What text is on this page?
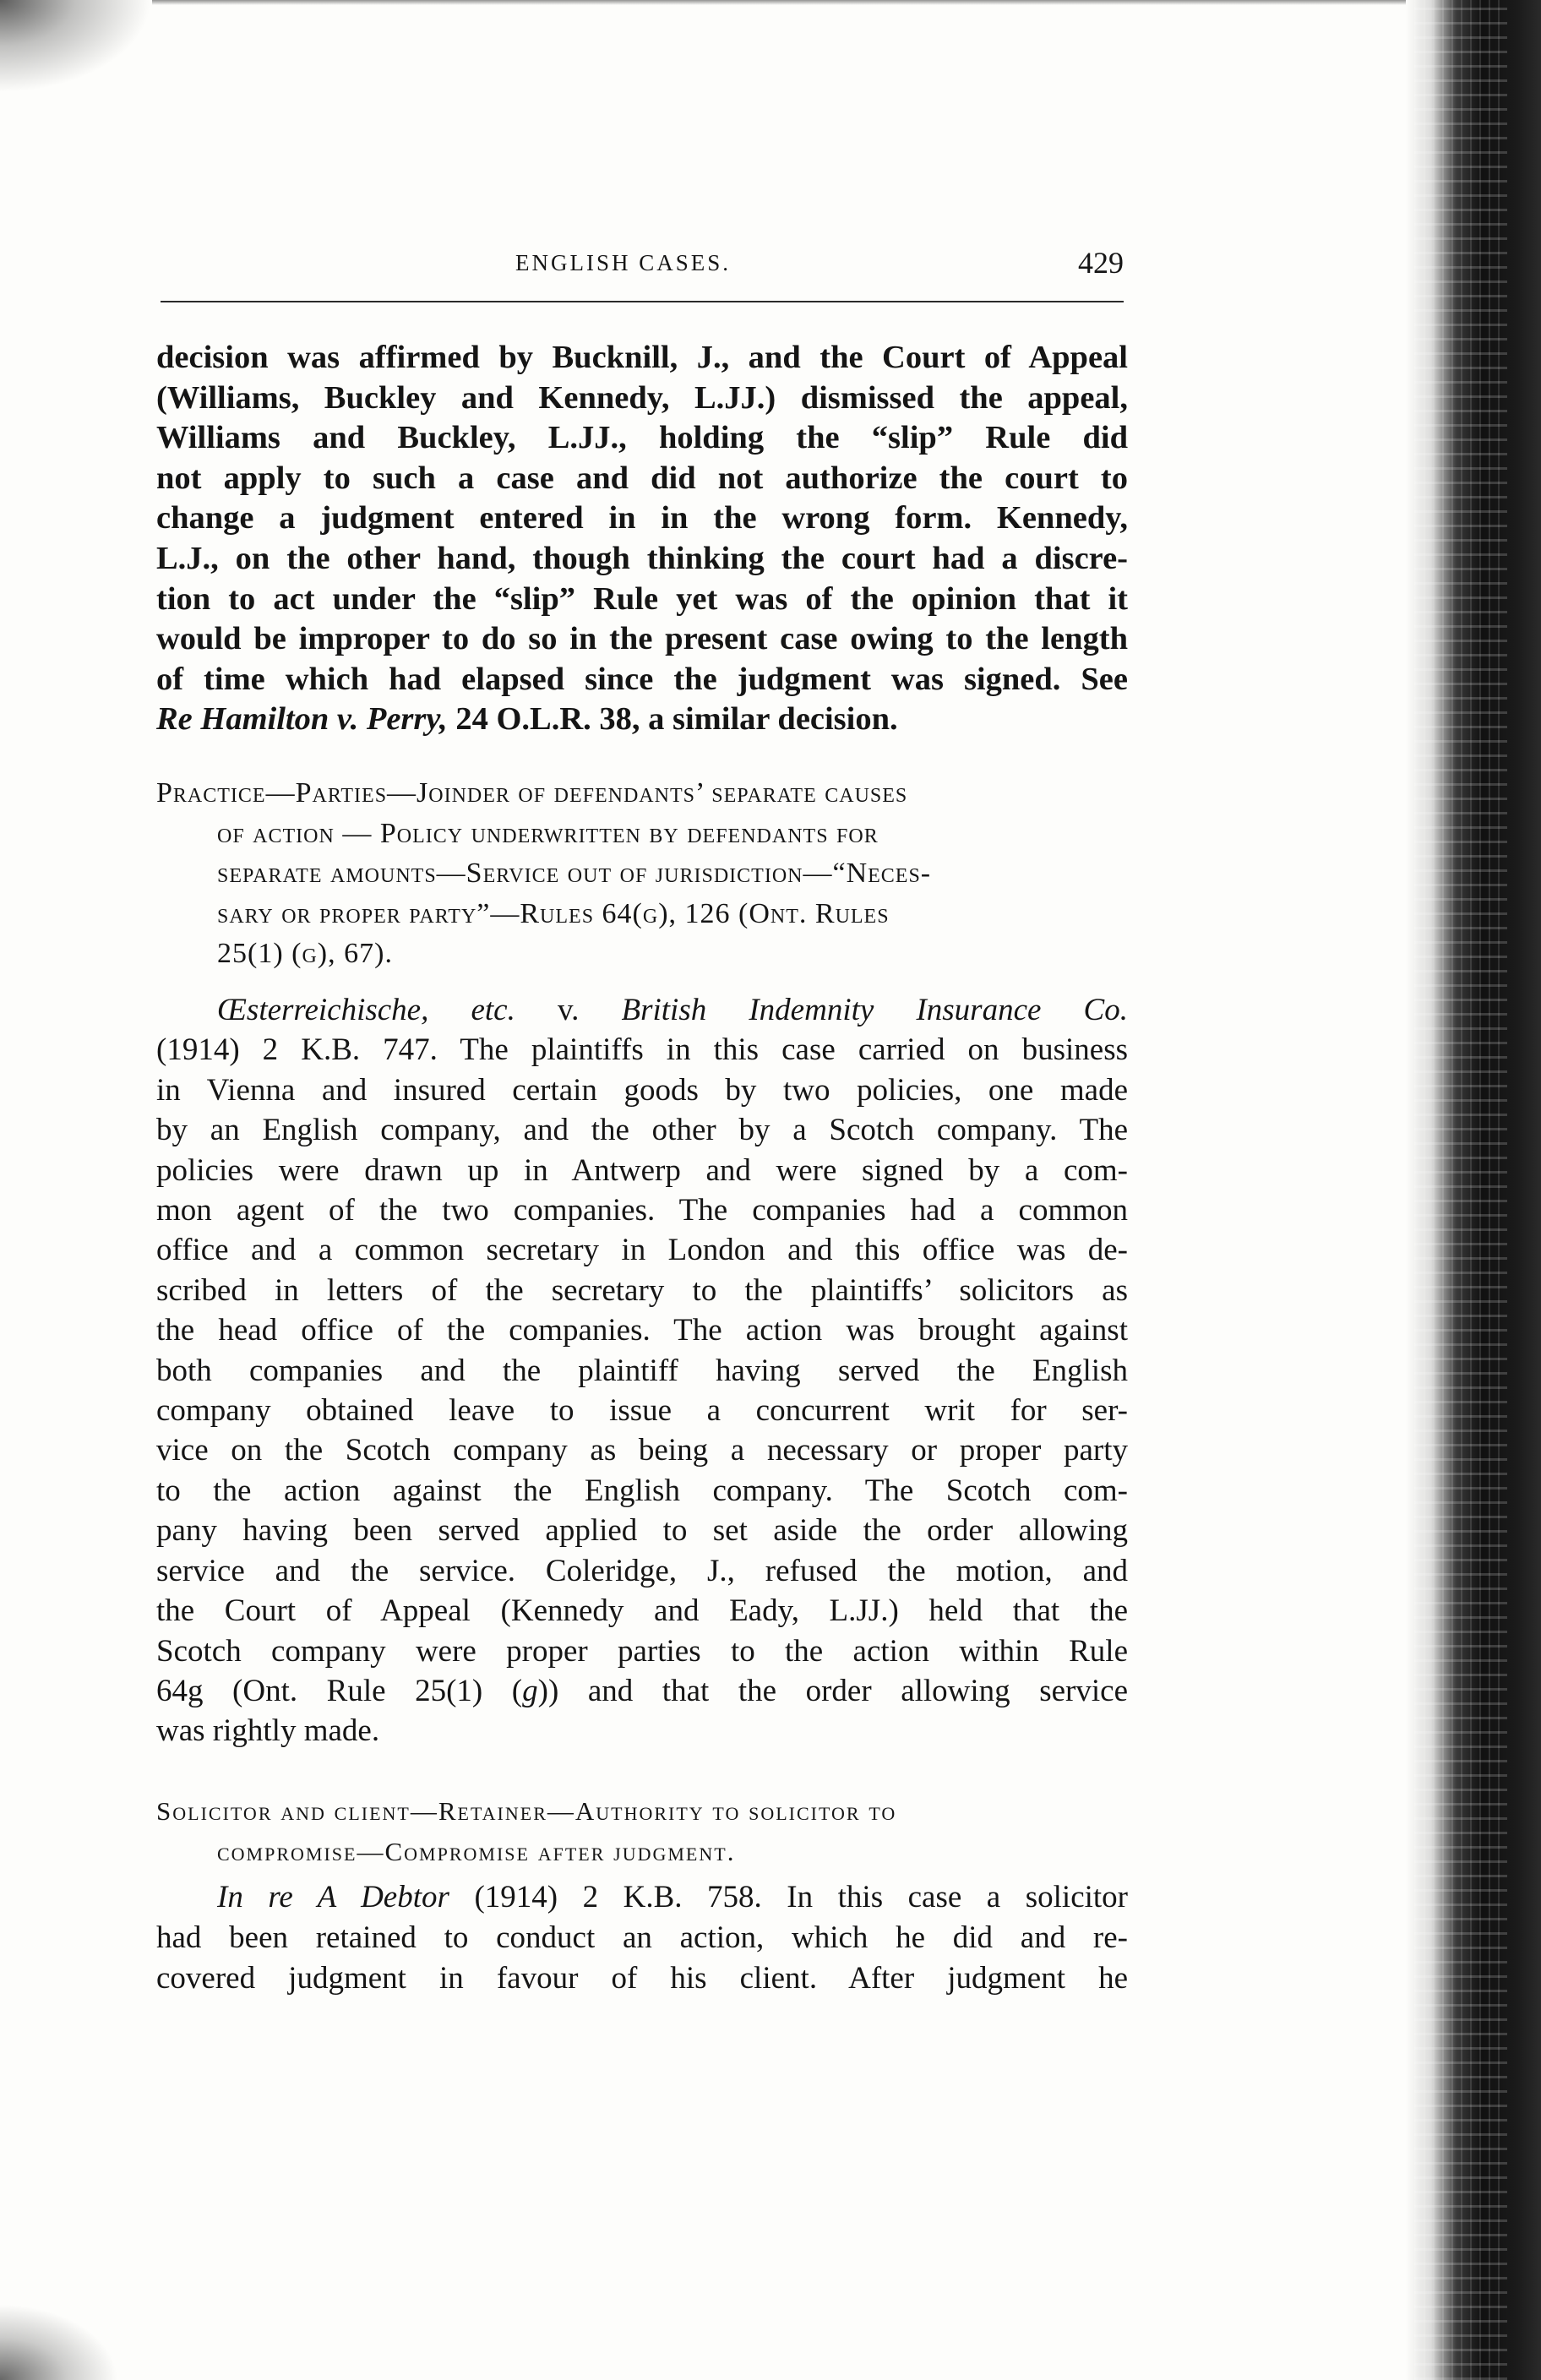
ENGLISH CASES.	429
decision was affirmed by Bucknill, J., and the Court of Appeal
(Williams, Buckley and Kennedy, L.JJ.) dismissed the appeal,
Williams and Buckley, L.JJ., holding the “slip” Rule did
not apply to such a case and did not authorize the court to
change a judgment entered in in the wrong form. Kennedy,
L.J., on the other hand, though thinking the court had a discre-
tion to act under the “slip” Rule yet was of the opinion that it
would be improper to do so in the present case owing to the length
of time which had elapsed since the judgment was signed. See
Re Hamilton v. Perry, 24 O.L.R. 38, a similar decision.
Practice—Parties—Joinder of defendants’ separate causes
of action — Policy underwritten by defendants for
separate amounts—Service out of jurisdiction—“Neces-
sary or proper party”—Rules 64(g), 126 (Ont. Rules
25(1) (g), 67).
Œsterreichische, etc. v. British Indemnity Insurance Co.
(1914) 2 K.B. 747. The plaintiffs in this case carried on business
in Vienna and insured certain goods by two policies, one made
by an English company, and the other by a Scotch company. The
policies were drawn up in Antwerp and were signed by a com-
mon agent of the two companies. The companies had a common
office and a common secretary in London and this office was de-
scribed in letters of the secretary to the plaintiffs’ solicitors as
the head office of the companies. The action was brought against
both companies and the plaintiff having served the English
company obtained leave to issue a concurrent writ for ser-
vice on the Scotch company as being a necessary or proper party
to the action against the English company. The Scotch com-
pany having been served applied to set aside the order allowing
service and the service. Coleridge, J., refused the motion, and
the Court of Appeal (Kennedy and Eady, L.JJ.) held that the
Scotch company were proper parties to the action within Rule
64g (Ont. Rule 25(1) (g)) and that the order allowing service
was rightly made.
Solicitor and client—Retainer—Authority to solicitor to
compromise—Compromise after judgment.
In re A Debtor (1914) 2 K.B. 758. In this case a solicitor
had been retained to conduct an action, which he did and re-
covered judgment in favour of his client. After judgment he
